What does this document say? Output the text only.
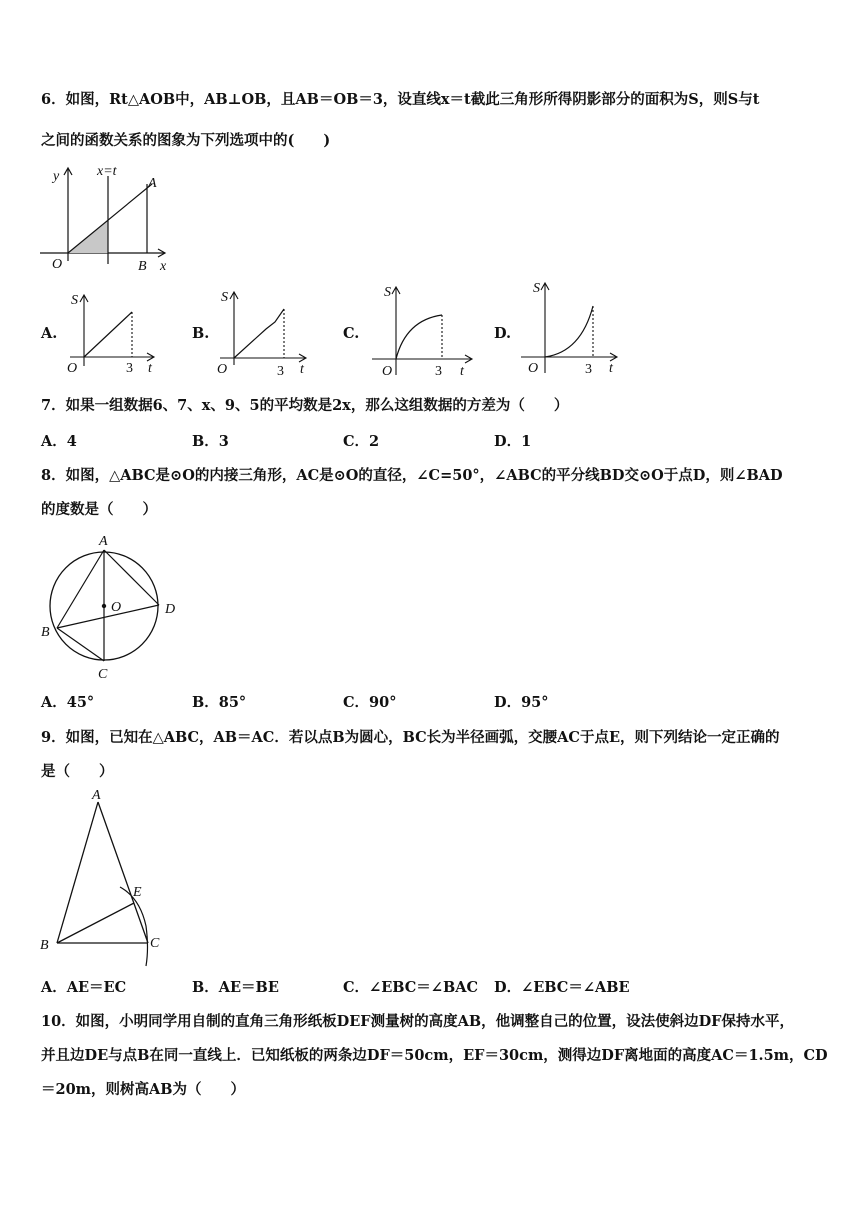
6．如图，Rt△AOB中，AB⊥OB，且AB＝OB＝3，设直线x＝t截此三角形所得阴影部分的面积为S，则S与t
之间的函数关系的图象为下列选项中的(　　)
y	x=t
A
O	B x
A.
S
O	3 t
B.
S
O	3 t
C.
S
O	3 t
D.
S
O	3 t
7．如果一组数据6、7、x、9、5的平均数是2x，那么这组数据的方差为（　　）
A．4	B．3	C．2	D．1
8．如图，△ABC是⊙O的内接三角形，AC是⊙O的直径，∠C=50°，∠ABC的平分线BD交⊙O于点D，则∠BAD
的度数是（　　）
A
O	D
B
C
A．45°	B．85°	C．90°	D．95°
9．如图，已知在△ABC，AB＝AC．若以点B为圆心，BC长为半径画弧，交腰AC于点E，则下列结论一定正确的
是（　　）
A
E
B	C
A．AE＝EC	B．AE＝BE	C．∠EBC＝∠BAC D．∠EBC＝∠ABE
10．如图，小明同学用自制的直角三角形纸板DEF测量树的高度AB，他调整自己的位置，设法使斜边DF保持水平，
并且边DE与点B在同一直线上．已知纸板的两条边DF＝50cm，EF＝30cm，测得边DF离地面的高度AC＝1.5m，CD
＝20m，则树高AB为（　　）
